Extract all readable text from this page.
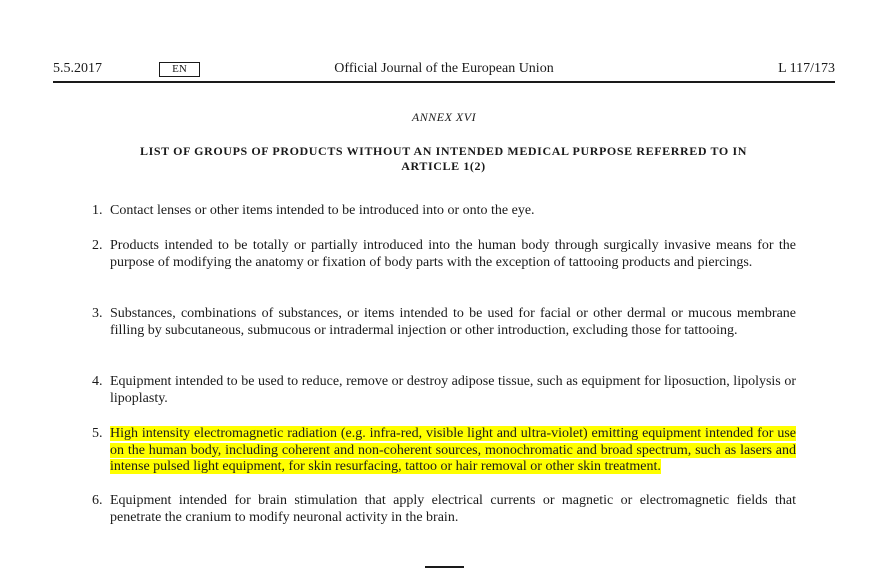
5.5.2017	EN	Official Journal of the European Union	L 117/173
ANNEX XVI
LIST OF GROUPS OF PRODUCTS WITHOUT AN INTENDED MEDICAL PURPOSE REFERRED TO IN ARTICLE 1(2)
1. Contact lenses or other items intended to be introduced into or onto the eye.
2. Products intended to be totally or partially introduced into the human body through surgically invasive means for the purpose of modifying the anatomy or fixation of body parts with the exception of tattooing products and piercings.
3. Substances, combinations of substances, or items intended to be used for facial or other dermal or mucous membrane filling by subcutaneous, submucous or intradermal injection or other introduction, excluding those for tattooing.
4. Equipment intended to be used to reduce, remove or destroy adipose tissue, such as equipment for liposuction, lipolysis or lipoplasty.
5. High intensity electromagnetic radiation (e.g. infra-red, visible light and ultra-violet) emitting equipment intended for use on the human body, including coherent and non-coherent sources, monochromatic and broad spectrum, such as lasers and intense pulsed light equipment, for skin resurfacing, tattoo or hair removal or other skin treatment.
6. Equipment intended for brain stimulation that apply electrical currents or magnetic or electromagnetic fields that penetrate the cranium to modify neuronal activity in the brain.
